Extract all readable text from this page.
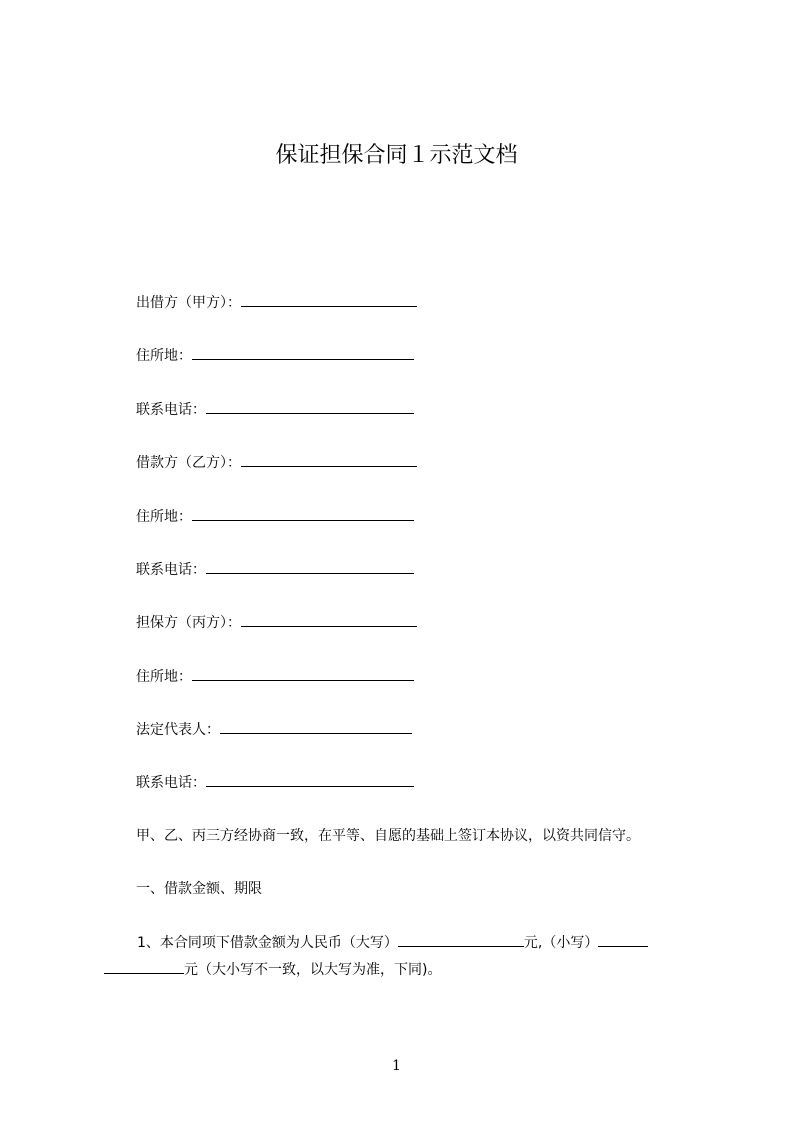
保证担保合同１示范文档
出借方（甲方）：
住所地：
联系电话：
借款方（乙方）：
住所地：
联系电话：
担保方（丙方）：
住所地：
法定代表人：
联系电话：
甲、乙、丙三方经协商一致，在平等、自愿的基础上签订本协议，以资共同信守。
一、借款金额、期限
1、本合同项下借款金额为人民币（大写）	元,（小写）
元（大小写不一致，以大写为准，下同)。
1
